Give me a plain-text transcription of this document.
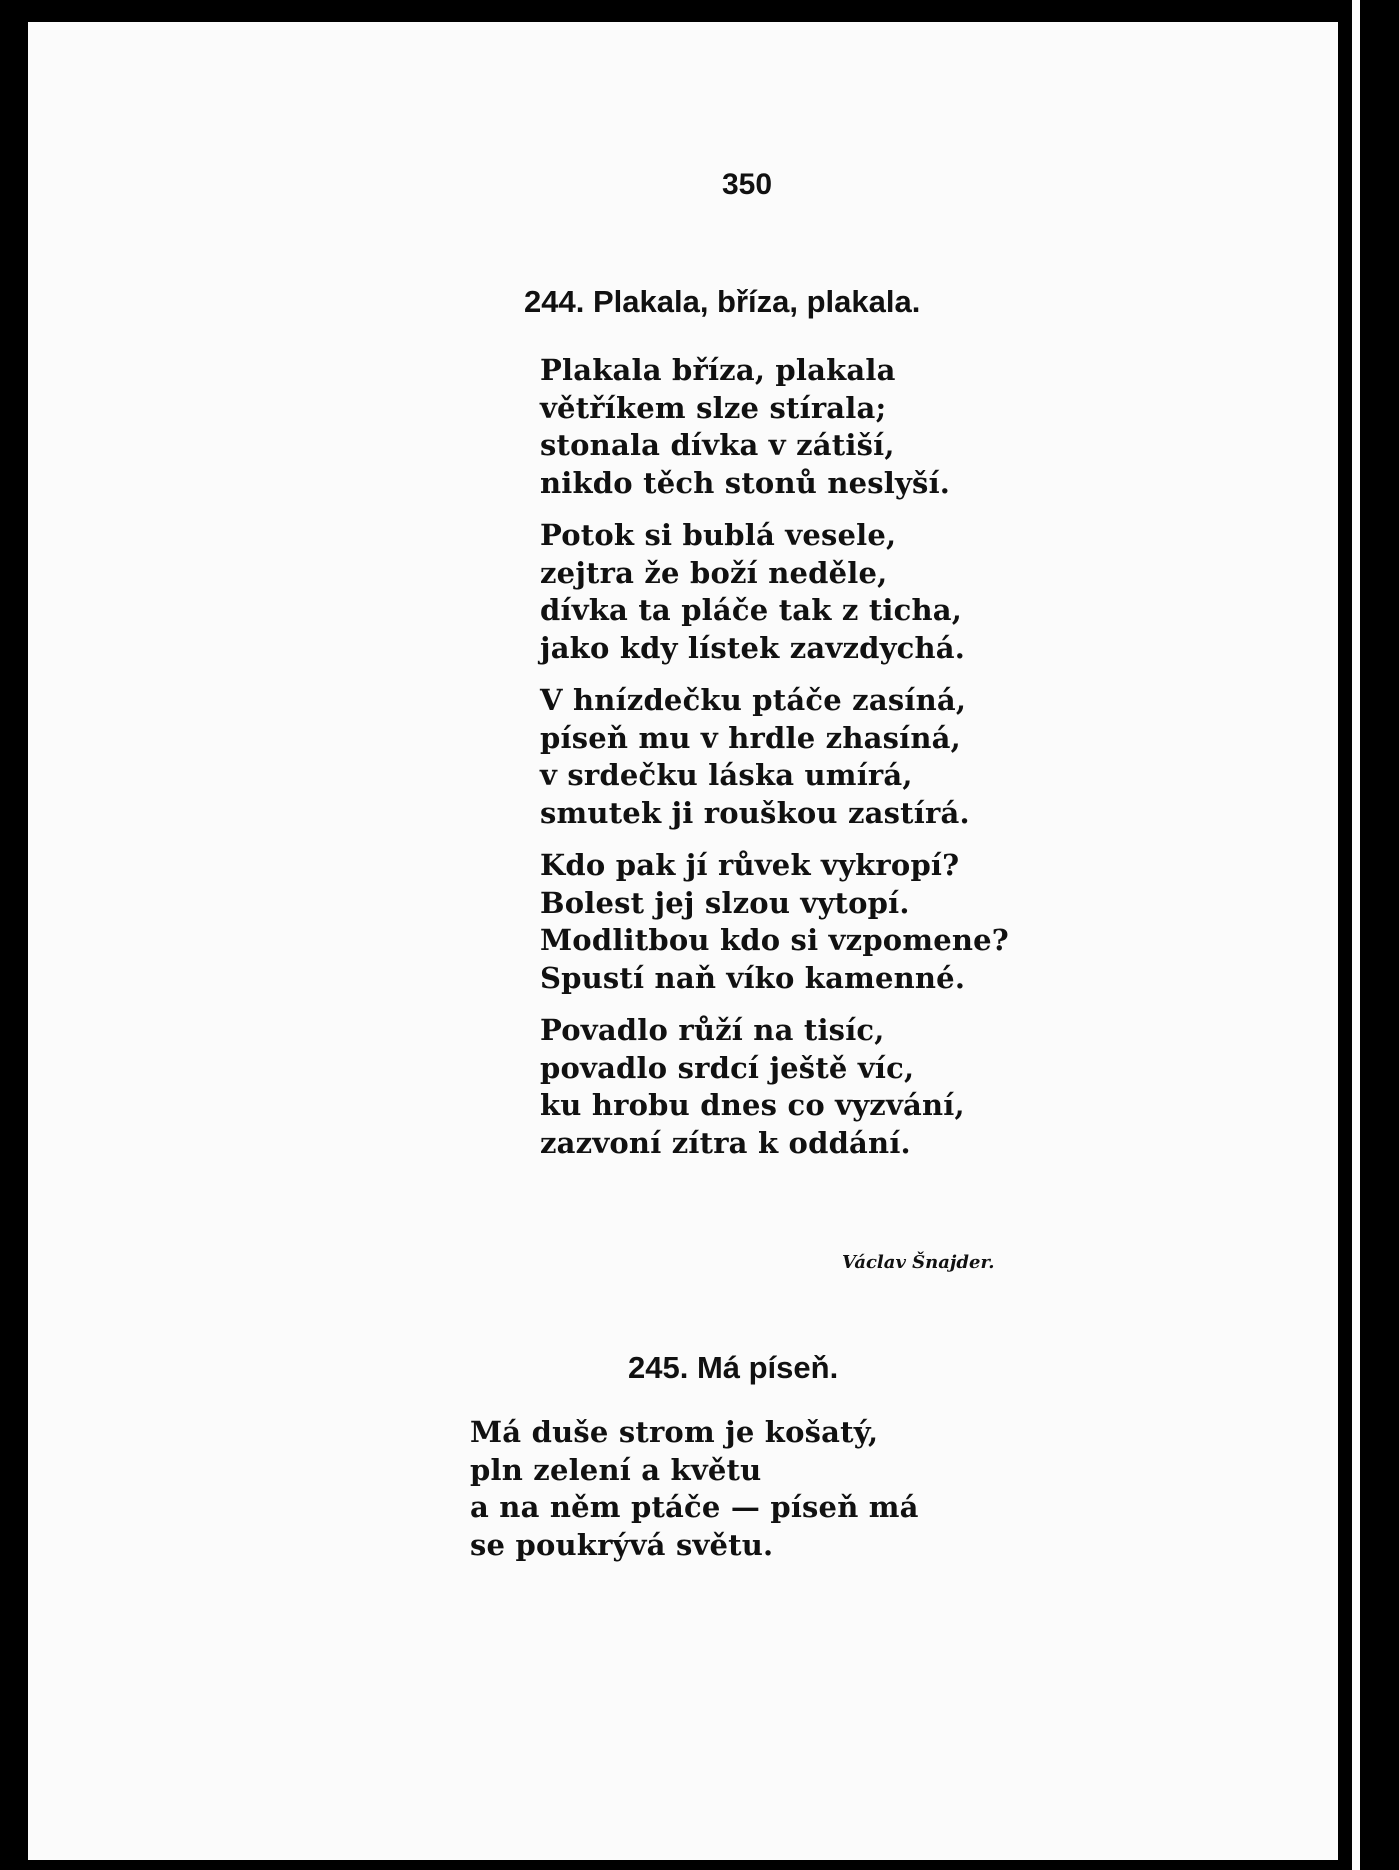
350
244. Plakala, bříza, plakala.
Plakala bříza, plakala
větříkem slze stírala;
stonala dívka v zátiší,
nikdo těch stonů neslyší.
Potok si bublá vesele,
zejtra že boží neděle,
dívka ta pláče tak z ticha,
jako kdy lístek zavzdychá.
V hnízdečku ptáče zasíná,
píseň mu v hrdle zhasíná,
v srdečku láska umírá,
smutek ji rouškou zastírá.
Kdo pak jí růvek vykropí?
Bolest jej slzou vytopí.
Modlitbou kdo si vzpomene?
Spustí naň víko kamenné.
Povadlo růží na tisíc,
povadlo srdcí ještě víc,
ku hrobu dnes co vyzvání,
zazvoní zítra k oddání.
Václav Šnajder.
245. Má píseň.
Má duše strom je košatý,
pln zelení a květu
a na něm ptáče — píseň má
se poukrývá světu.
